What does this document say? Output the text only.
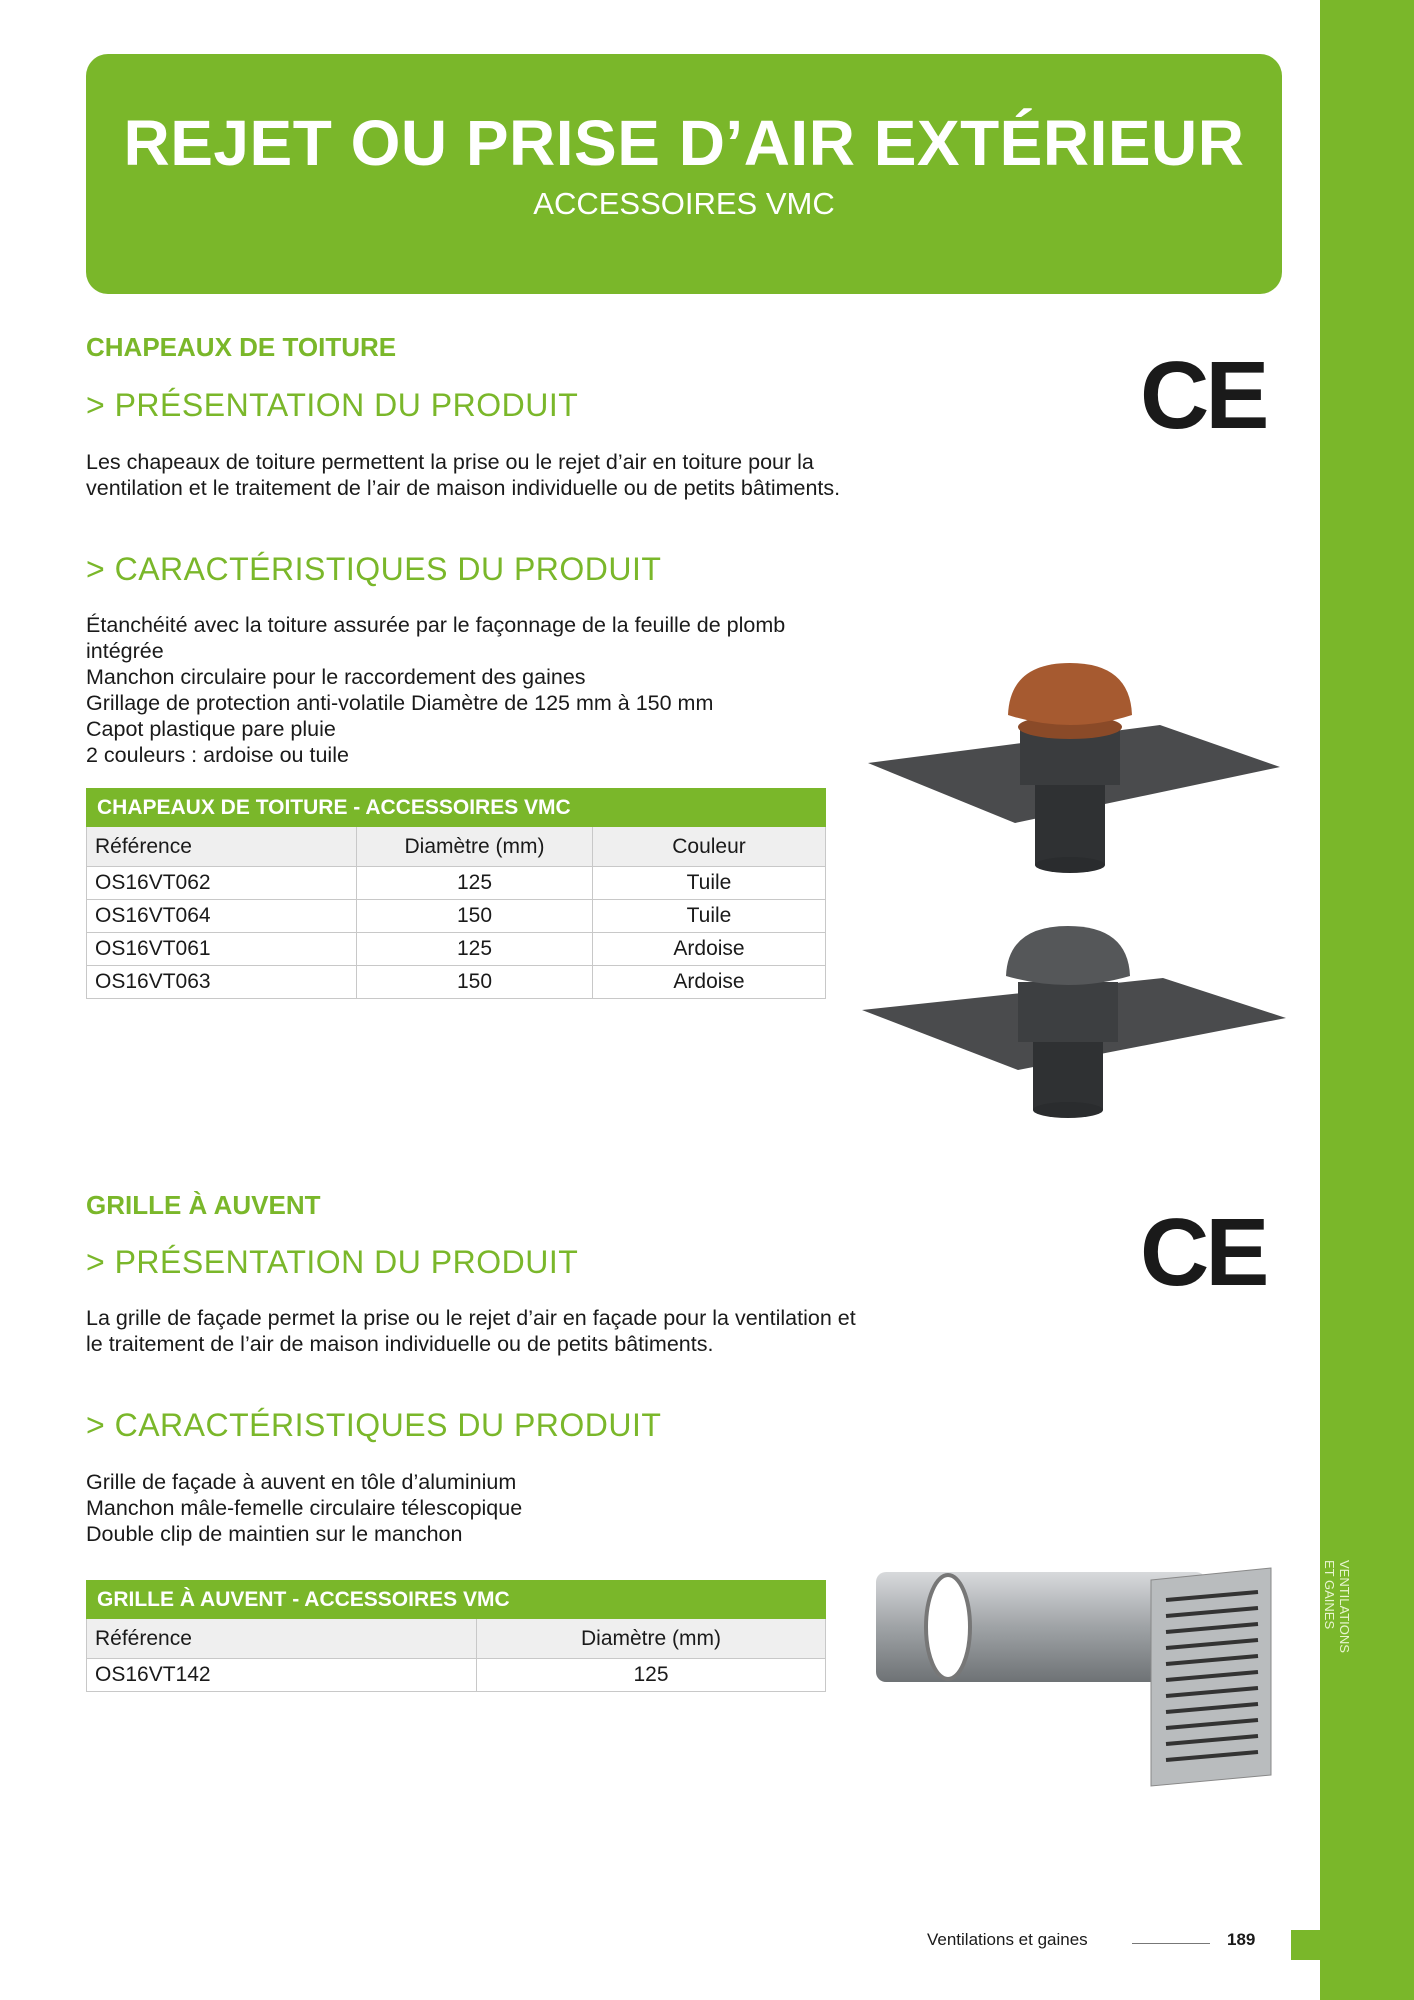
VENTILATIONS
ET GAINES
REJET OU PRISE D’AIR EXTÉRIEUR
ACCESSOIRES VMC
CHAPEAUX DE TOITURE
> PRÉSENTATION DU PRODUIT
Les chapeaux de toiture permettent la prise ou le rejet d’air en toiture pour la ventilation et le traitement de l’air de maison individuelle ou de petits bâtiments.
> CARACTÉRISTIQUES DU PRODUIT
Étanchéité avec la toiture assurée par le façonnage de la feuille de plomb intégrée
Manchon circulaire pour le raccordement des gaines
Grillage de protection anti-volatile Diamètre de 125 mm à 150 mm
Capot plastique pare pluie
2 couleurs : ardoise ou tuile
CE
CHAPEAUX DE TOITURE - ACCESSOIRES VMC		
Référence	Diamètre (mm)	Couleur
OS16VT062	125	Tuile
OS16VT064	150	Tuile
OS16VT061	125	Ardoise
OS16VT063	150	Ardoise
GRILLE À AUVENT
> PRÉSENTATION DU PRODUIT
La grille de façade permet la prise ou le rejet d’air en façade pour la ventilation et le traitement de l’air de maison individuelle ou de petits bâtiments.
> CARACTÉRISTIQUES DU PRODUIT
Grille de façade à auvent en tôle d’aluminium
Manchon mâle-femelle circulaire télescopique
Double clip de maintien sur le manchon
CE
GRILLE À AUVENT - ACCESSOIRES VMC	
Référence	Diamètre (mm)
OS16VT142	125
Ventilations et gaines	189
